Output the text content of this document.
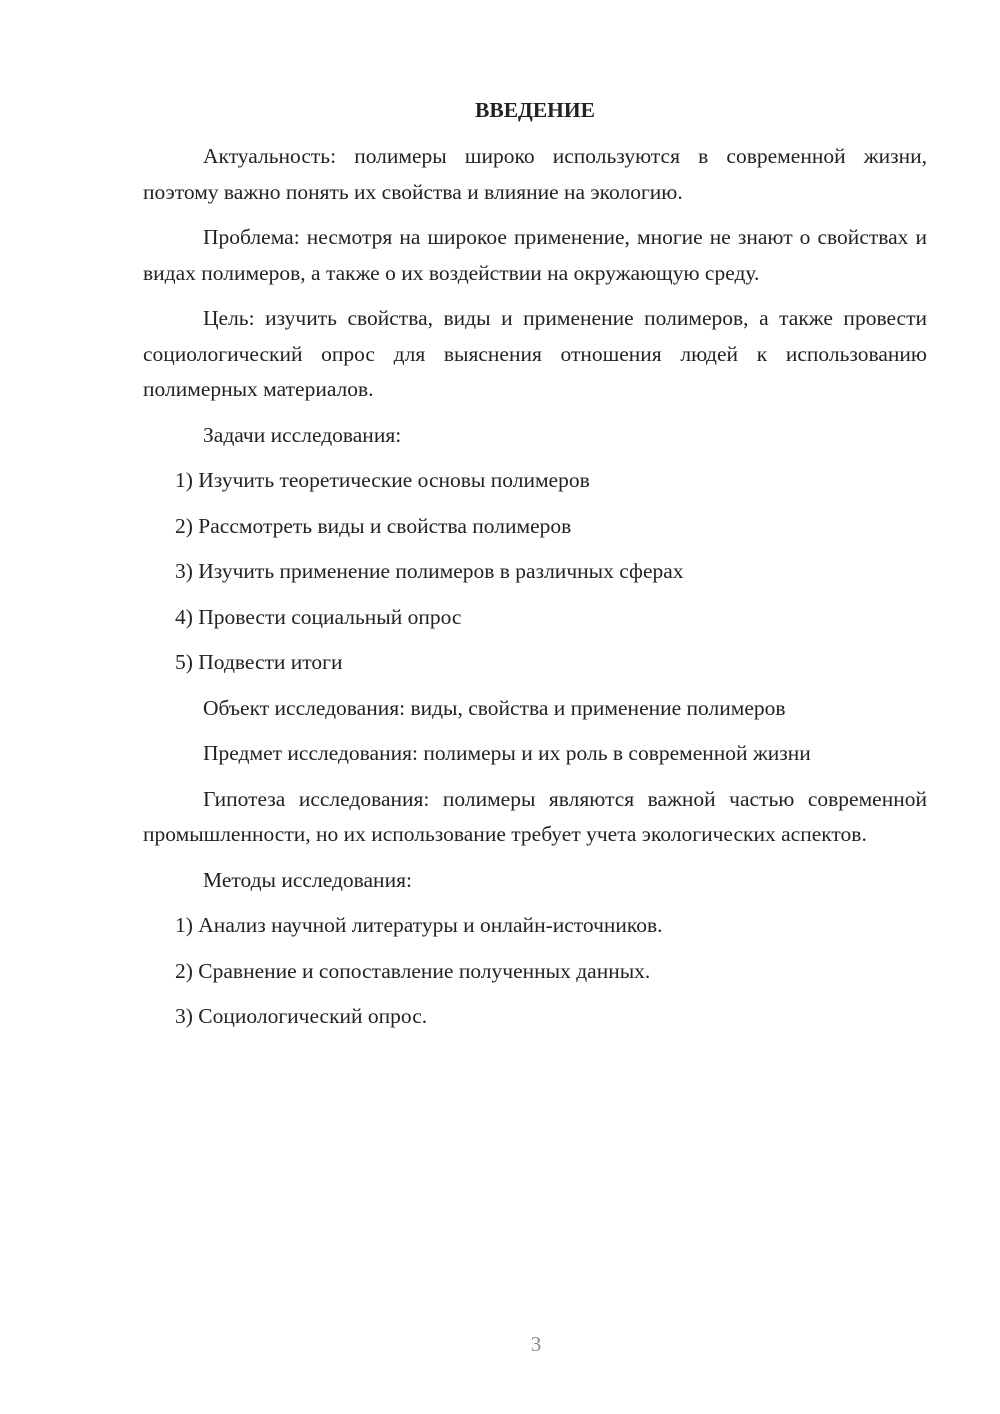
ВВЕДЕНИЕ

Актуальность: полимеры широко используются в современной жизни, поэтому важно понять их свойства и влияние на экологию.

Проблема: несмотря на широкое применение, многие не знают о свойствах и видах полимеров, а также о их воздействии на окружающую среду.

Цель: изучить свойства, виды и применение полимеров, а также провести социологический опрос для выяснения отношения людей к использованию полимерных материалов.

Задачи исследования:
1) Изучить теоретические основы полимеров
2) Рассмотреть виды и свойства полимеров
3) Изучить применение полимеров в различных сферах
4) Провести социальный опрос
5) Подвести итоги
Объект исследования: виды, свойства и применение полимеров
Предмет исследования: полимеры и их роль в современной жизни

Гипотеза исследования: полимеры являются важной частью современной промышленности, но их использование требует учета экологических аспектов.

Методы исследования:
1) Анализ научной литературы и онлайн-источников.
2) Сравнение и сопоставление полученных данных.
3) Социологический опрос.
3
